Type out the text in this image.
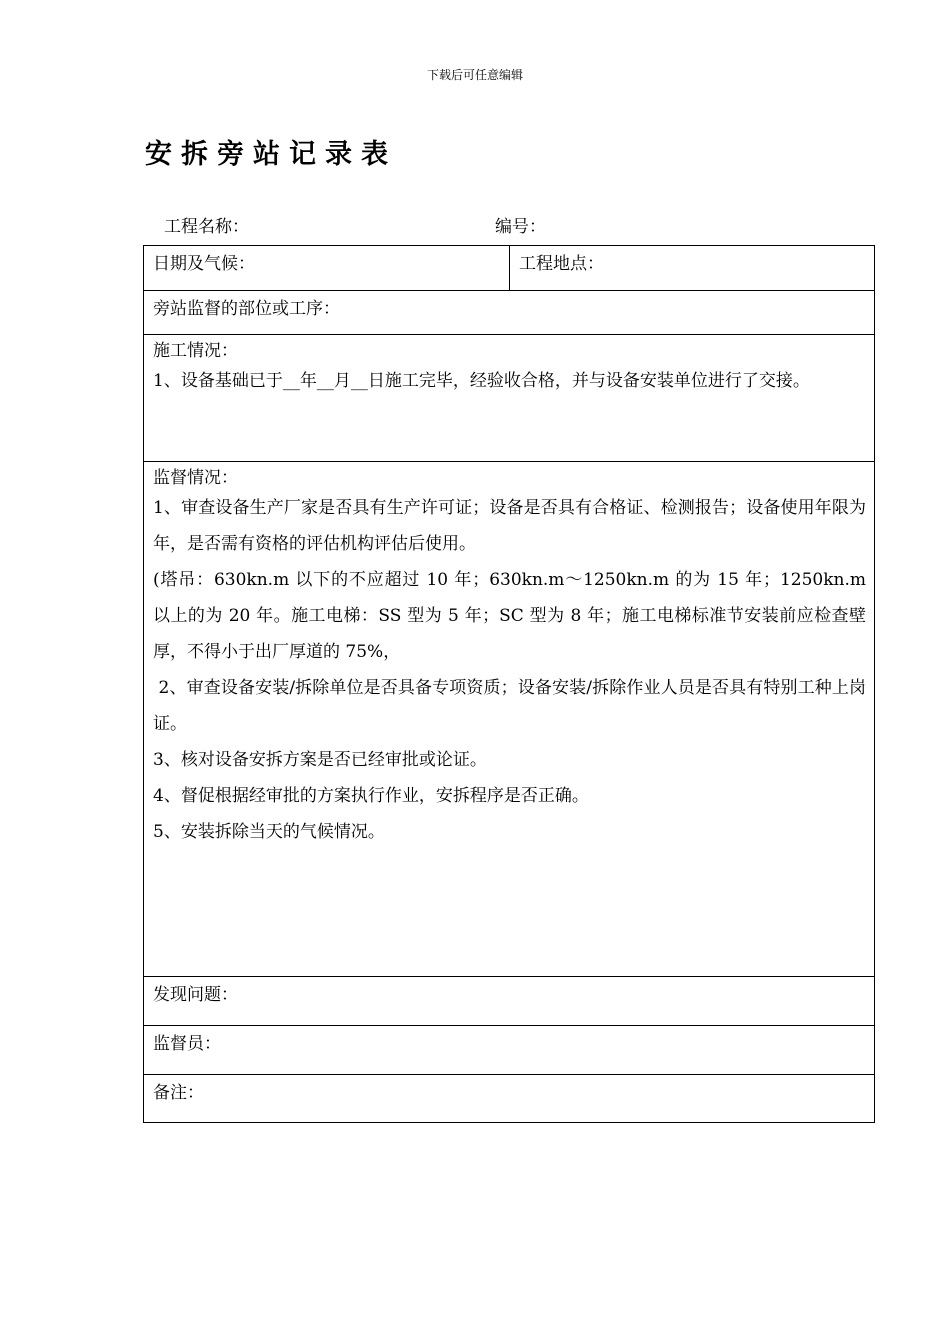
下载后可任意编辑
安拆旁站记录表
工程名称：	编号：
日期及气候：	工程地点：
旁站监督的部位或工序：
施工情况：
1、设备基础已于__年__月__日施工完毕，经验收合格，并与设备安装单位进行了交接。
监督情况：
1、审查设备生产厂家是否具有生产许可证；设备是否具有合格证、检测报告；设备使用年限为 年，是否需有资格的评估机构评估后使用。
(塔吊：630kn.m 以下的不应超过 10 年；630kn.m～1250kn.m 的为 15 年；1250kn.m 以上的为 20 年。施工电梯：SS 型为 5 年；SC 型为 8 年；施工电梯标准节安装前应检查壁厚，不得小于出厂厚道的 75%，
2、审查设备安装/拆除单位是否具备专项资质；设备安装/拆除作业人员是否具有特别工种上岗证。
3、核对设备安拆方案是否已经审批或论证。
4、督促根据经审批的方案执行作业，安拆程序是否正确。
5、安装拆除当天的气候情况。
发现问题：
监督员：
备注：
